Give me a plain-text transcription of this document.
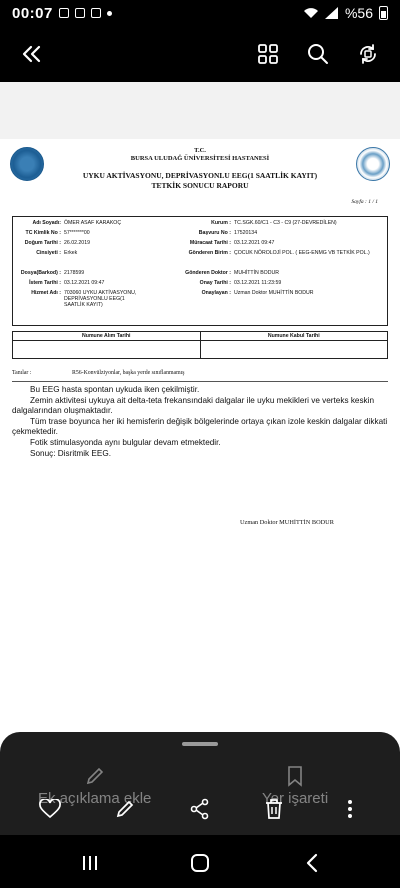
00:07	%56
T.C.
BURSA ULUDAĞ ÜNİVERSİTESİ HASTANESİ
UYKU AKTİVASYONU, DEPRİVASYONLU EEG(1 SAATLİK KAYIT)
TETKİK SONUCU RAPORU
Sayfa : 1 / 1
Adı Soyadı: ÖMER ASAF KARAKOÇ
TC Kimlik No : 57*******00
Doğum Tarihi : 26.02.2019
Cinsiyeti : Erkek
Dosya(Barkod) : 2178599
İstem Tarihi : 03.12.2021 09:47
Hizmet Adı : 703060 UYKU AKTİVASYONU, DEPRİVASYONLU EEG(1 SAATLİK KAYIT)
Kurum : TC.SGK.60/C1 - C3 - C9 (27-DEVREDİLEN)
Başvuru No : 17520134
Müracaat Tarihi : 03.12.2021 09:47
Gönderen Birim : ÇOCUK NÖROLOJİ POL. ( EEG-ENMG VB TETKİK POL.)
Gönderen Doktor : MUHİTTİN BODUR
Onay Tarihi : 03.12.2021 11:23:59
Onaylayan : Uzman Doktor MUHİTTİN BODUR
Numune Alım Tarihi	Numune Kabul Tarihi
Tanılar :	R56-Konvülziyonlar, başka yerde sınıflanmamış

Bu EEG hasta spontan uykuda iken çekilmiştir.

Zemin aktivitesi uykuya ait delta-teta frekansındaki dalgalar ile uyku mekikleri ve verteks keskin dalgalarından oluşmaktadır.

Tüm trase boyunca her iki hemisferin değişik bölgelerinde ortaya çıkan izole keskin dalgalar dikkati çekmektedir.

Fotik stimulasyonda aynı bulgular devam etmektedir.

Sonuç: Disritmik EEG.

Uzman Doktor MUHİTTİN BODUR
Ek açıklama ekle	Yer işareti
